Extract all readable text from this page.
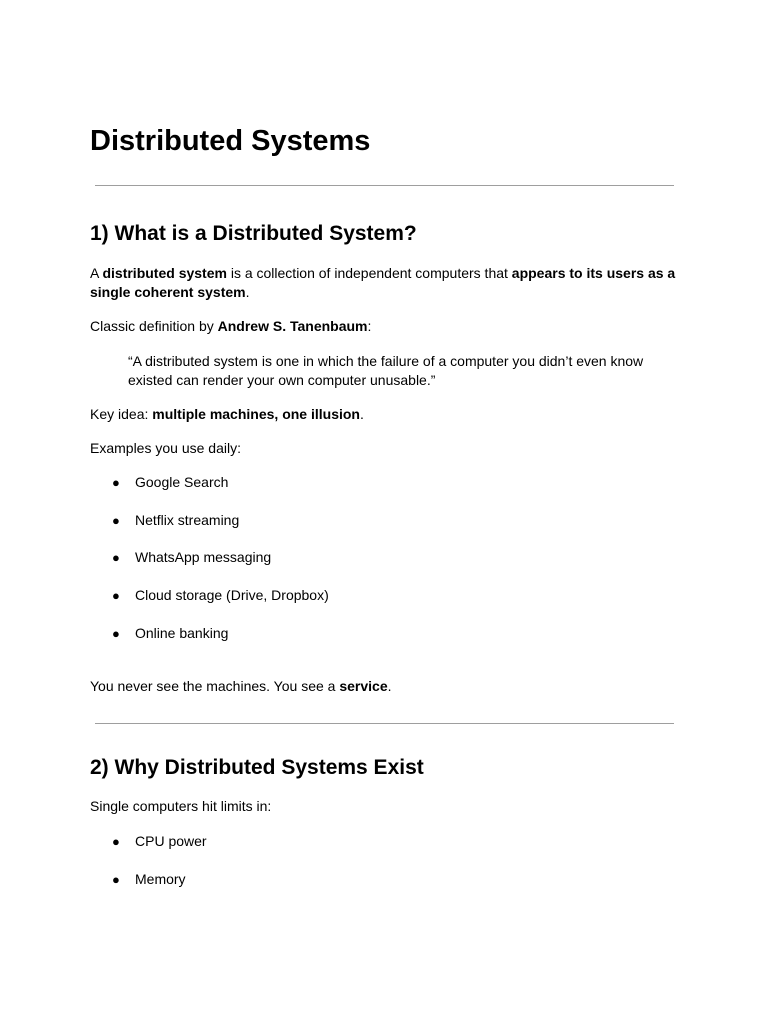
Distributed Systems
1) What is a Distributed System?

A distributed system is a collection of independent computers that appears to its users as a single coherent system.

Classic definition by Andrew S. Tanenbaum:

“A distributed system is one in which the failure of a computer you didn’t even know existed can render your own computer unusable.”

Key idea: multiple machines, one illusion.

Examples you use daily:

● Google Search
● Netflix streaming
● WhatsApp messaging
● Cloud storage (Drive, Dropbox)
● Online banking

You never see the machines. You see a service.

2) Why Distributed Systems Exist

Single computers hit limits in:

● CPU power
● Memory
